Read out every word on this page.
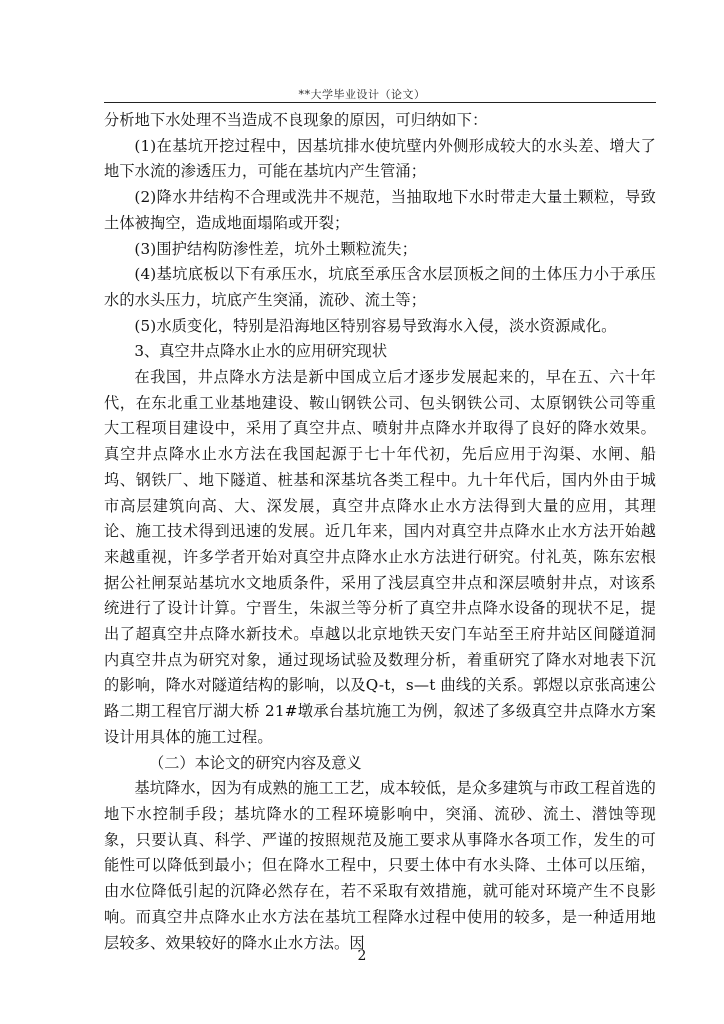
**大学毕业设计（论文）

分析地下水处理不当造成不良现象的原因，可归纳如下：

(1)在基坑开挖过程中，因基坑排水使坑壁内外侧形成较大的水头差、增大了地下水流的渗透压力，可能在基坑内产生管涌；

(2)降水井结构不合理或洗井不规范，当抽取地下水时带走大量土颗粒，导致土体被掏空，造成地面塌陷或开裂；

(3)围护结构防渗性差，坑外土颗粒流失；

(4)基坑底板以下有承压水，坑底至承压含水层顶板之间的土体压力小于承压水的水头压力，坑底产生突涌，流砂、流土等；

(5)水质变化，特别是沿海地区特别容易导致海水入侵，淡水资源咸化。

3、真空井点降水止水的应用研究现状

在我国，井点降水方法是新中国成立后才逐步发展起来的，早在五、六十年代，在东北重工业基地建设、鞍山钢铁公司、包头钢铁公司、太原钢铁公司等重大工程项目建设中，采用了真空井点、喷射井点降水并取得了良好的降水效果。真空井点降水止水方法在我国起源于七十年代初，先后应用于沟渠、水闸、船坞、钢铁厂、地下隧道、桩基和深基坑各类工程中。九十年代后，国内外由于城市高层建筑向高、大、深发展，真空井点降水止水方法得到大量的应用，其理论、施工技术得到迅速的发展。近几年来，国内对真空井点降水止水方法开始越来越重视，许多学者开始对真空井点降水止水方法进行研究。付礼英，陈东宏根据公社闸泵站基坑水文地质条件，采用了浅层真空井点和深层喷射井点，对该系统进行了设计计算。宁晋生，朱淑兰等分析了真空井点降水设备的现状不足，提出了超真空井点降水新技术。卓越以北京地铁天安门车站至王府井站区间隧道洞内真空井点为研究对象，通过现场试验及数理分析，着重研究了降水对地表下沉的影响，降水对隧道结构的影响，以及Q-t，s—t 曲线的关系。郭煜以京张高速公路二期工程官厅湖大桥 21#墩承台基坑施工为例，叙述了多级真空井点降水方案设计用具体的施工过程。

（二）本论文的研究内容及意义

基坑降水，因为有成熟的施工工艺，成本较低，是众多建筑与市政工程首选的地下水控制手段；基坑降水的工程环境影响中，突涌、流砂、流土、潜蚀等现象，只要认真、科学、严谨的按照规范及施工要求从事降水各项工作，发生的可能性可以降低到最小；但在降水工程中，只要土体中有水头降、土体可以压缩，由水位降低引起的沉降必然存在，若不采取有效措施，就可能对环境产生不良影响。而真空井点降水止水方法在基坑工程降水过程中使用的较多，是一种适用地层较多、效果较好的降水止水方法。因

2
